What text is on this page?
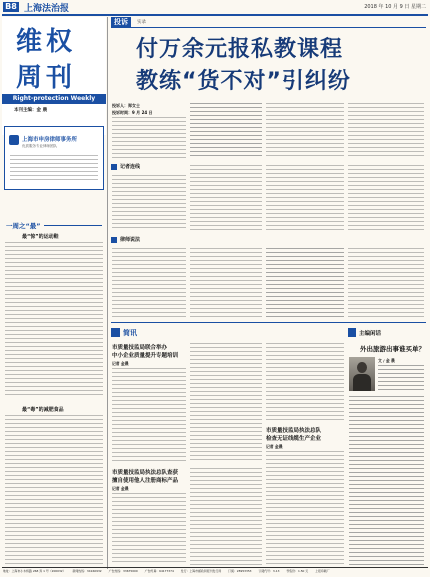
B8 上海法治报	2018 年 10 月 9 日 星期二
维权
周刊
Right-protection Weekly
本刊主编：金 晨
上海市申房律师事务所
优质服务专业律师团队
一周之“最”
最“惊”的运动鞋
最“毒”的减肥食品
投诉	实录
付万余元报私教课程
教练“货不对”引纠纷
投诉人：郑女士
投诉时间：9 月 24 日
记者连线
律师说法
简讯
市质量技监局联合举办
中小企业质量提升专题培训
记者 金晨
市质量技监局执法总队查获
擅自使用他人注册商标产品
记者 金晨
市质量技监局执法总队
检查无证线缆生产企业
记者 金晨
主编闲话
外出旅游出事谁买单？
文 / 金 晨
地址：上海市小木桥路 268 弄 1 号（200032） 新闻热线：34160932 广告热线：33675000 广告传真：64177374 发行：上海市邮政局报刊发行局 订阅：28953353 订阅代号：3-13 零售价：1.50 元 上报印刷厂
